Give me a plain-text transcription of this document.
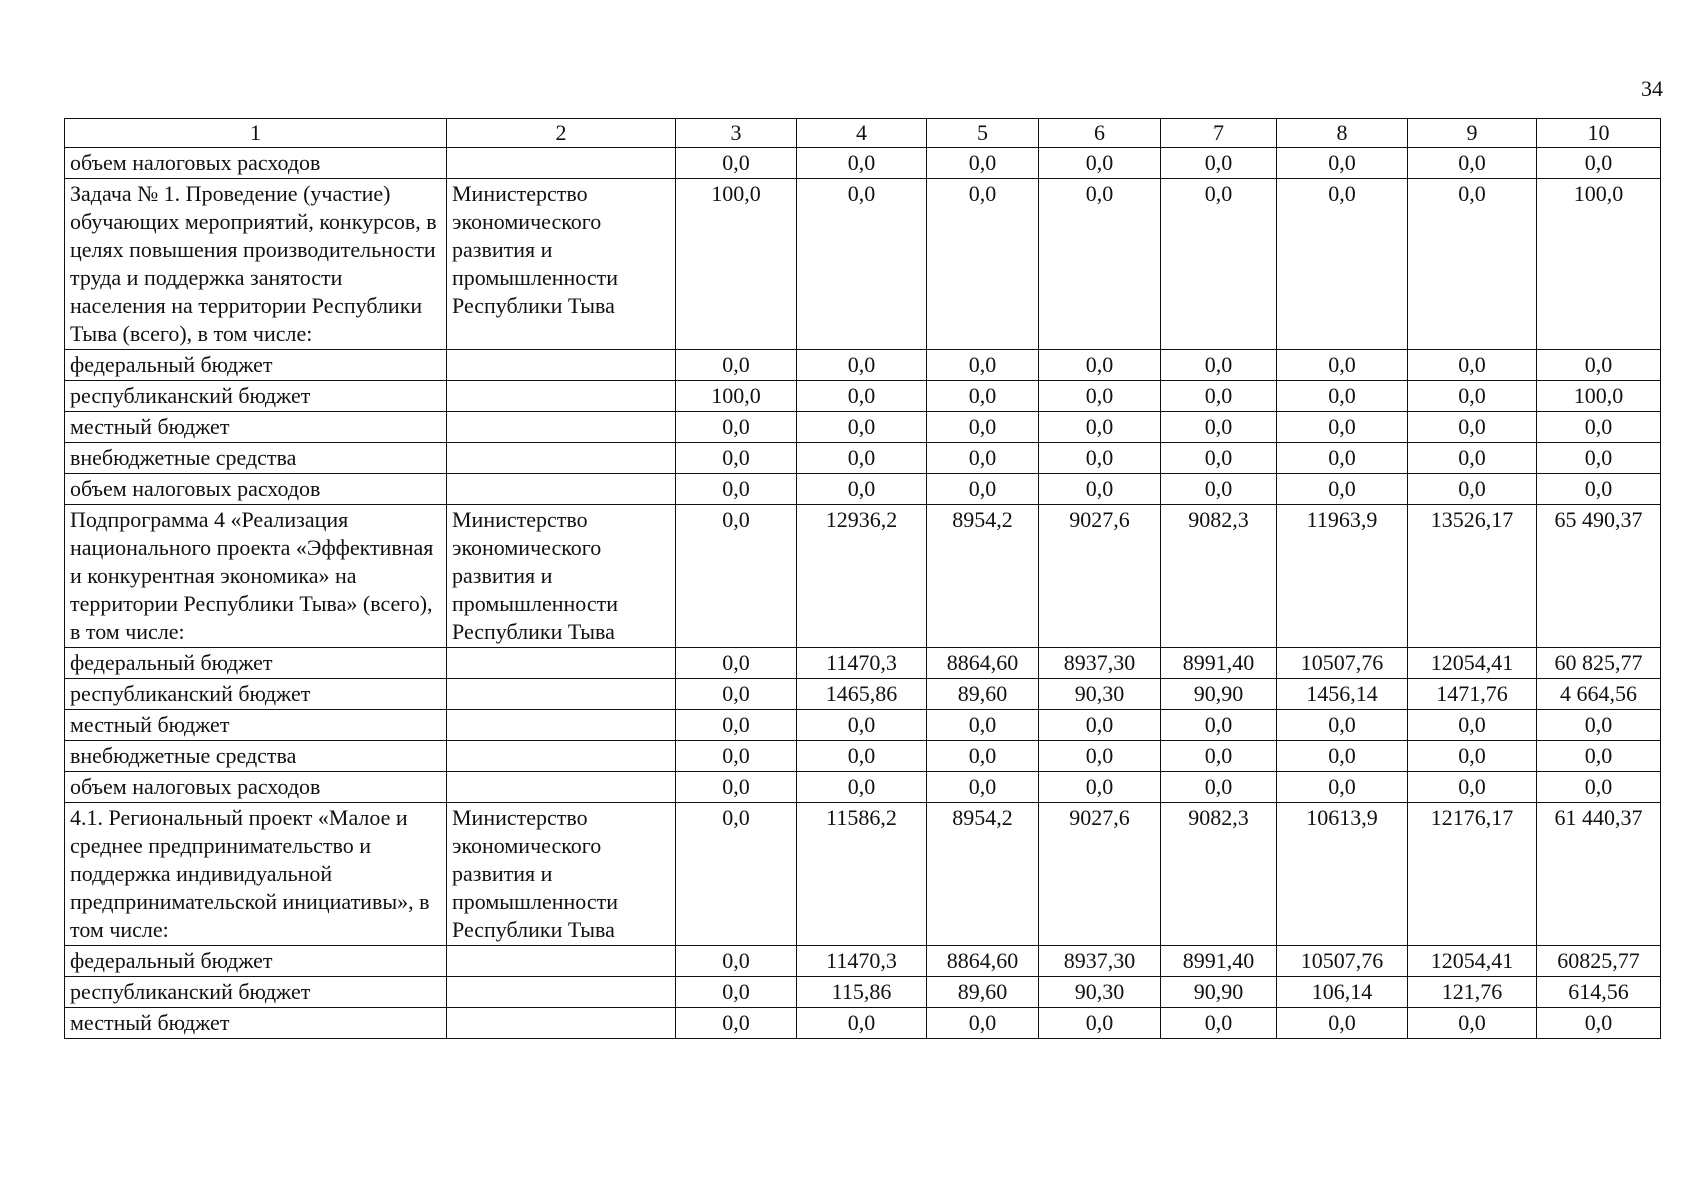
34
1	2	3	4	5	6	7	8	9	10
объем налоговых расходов		0,0	0,0	0,0	0,0	0,0	0,0	0,0	0,0
Задача № 1. Проведение (участие) обучающих мероприятий, конкурсов, в целях повышения производительности труда и поддержка занятости населения на территории Республики Тыва (всего), в том числе:	Министерство экономического развития и промышленности Республики Тыва	100,0	0,0	0,0	0,0	0,0	0,0	0,0	100,0
федеральный бюджет		0,0	0,0	0,0	0,0	0,0	0,0	0,0	0,0
республиканский бюджет		100,0	0,0	0,0	0,0	0,0	0,0	0,0	100,0
местный бюджет		0,0	0,0	0,0	0,0	0,0	0,0	0,0	0,0
внебюджетные средства		0,0	0,0	0,0	0,0	0,0	0,0	0,0	0,0
объем налоговых расходов		0,0	0,0	0,0	0,0	0,0	0,0	0,0	0,0
Подпрограмма 4 «Реализация национального проекта «Эффективная и конкурентная экономика» на территории Республики Тыва» (всего), в том числе:	Министерство экономического развития и промышленности Республики Тыва	0,0	12936,2	8954,2	9027,6	9082,3	11963,9	13526,17	65 490,37
федеральный бюджет		0,0	11470,3	8864,60	8937,30	8991,40	10507,76	12054,41	60 825,77
республиканский бюджет		0,0	1465,86	89,60	90,30	90,90	1456,14	1471,76	4 664,56
местный бюджет		0,0	0,0	0,0	0,0	0,0	0,0	0,0	0,0
внебюджетные средства		0,0	0,0	0,0	0,0	0,0	0,0	0,0	0,0
объем налоговых расходов		0,0	0,0	0,0	0,0	0,0	0,0	0,0	0,0
4.1. Региональный проект «Малое и среднее предпринимательство и поддержка индивидуальной предпринимательской инициативы», в том числе:	Министерство экономического развития и промышленности Республики Тыва	0,0	11586,2	8954,2	9027,6	9082,3	10613,9	12176,17	61 440,37
федеральный бюджет		0,0	11470,3	8864,60	8937,30	8991,40	10507,76	12054,41	60825,77
республиканский бюджет		0,0	115,86	89,60	90,30	90,90	106,14	121,76	614,56
местный бюджет		0,0	0,0	0,0	0,0	0,0	0,0	0,0	0,0
